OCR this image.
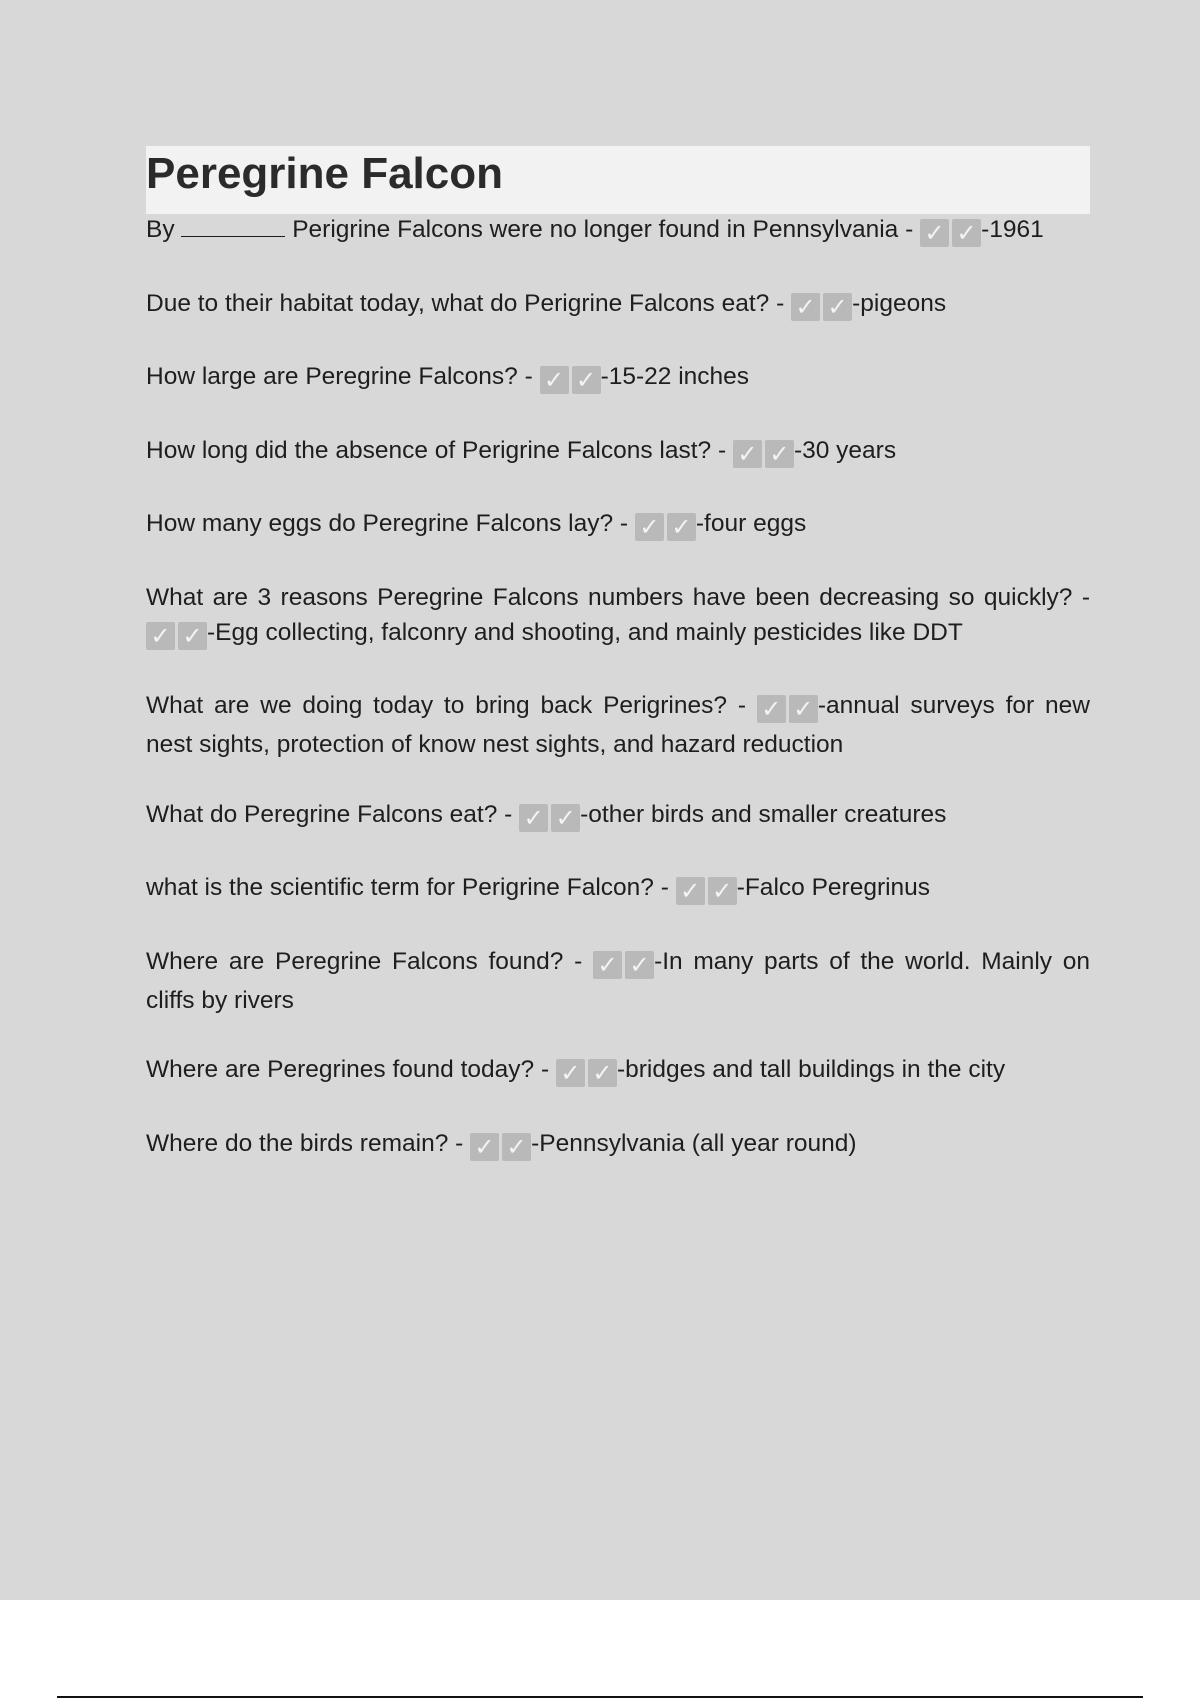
Peregrine Falcon

By	Perigrine Falcons were no longer found in Pennsylvania - ✓ ✓ -1961

Due to their habitat today, what do Perigrine Falcons eat? - ✓ ✓ -pigeons

How large are Peregrine Falcons? - ✓ ✓ -15-22 inches

How long did the absence of Perigrine Falcons last? - ✓ ✓ -30 years

How many eggs do Peregrine Falcons lay? - ✓ ✓ -four eggs

What are 3 reasons Peregrine Falcons numbers have been decreasing so quickly? - ✓ ✓ -Egg collecting, falconry and shooting, and mainly pesticides like DDT

What are we doing today to bring back Perigrines? - ✓ ✓ -annual surveys for new nest sights, protection of know nest sights, and hazard reduction

What do Peregrine Falcons eat? - ✓ ✓ -other birds and smaller creatures

what is the scientific term for Perigrine Falcon? - ✓ ✓ -Falco Peregrinus

Where are Peregrine Falcons found? - ✓ ✓ -In many parts of the world. Mainly on cliffs by rivers

Where are Peregrines found today? - ✓ ✓ -bridges and tall buildings in the city

Where do the birds remain? - ✓ ✓ -Pennsylvania (all year round)
